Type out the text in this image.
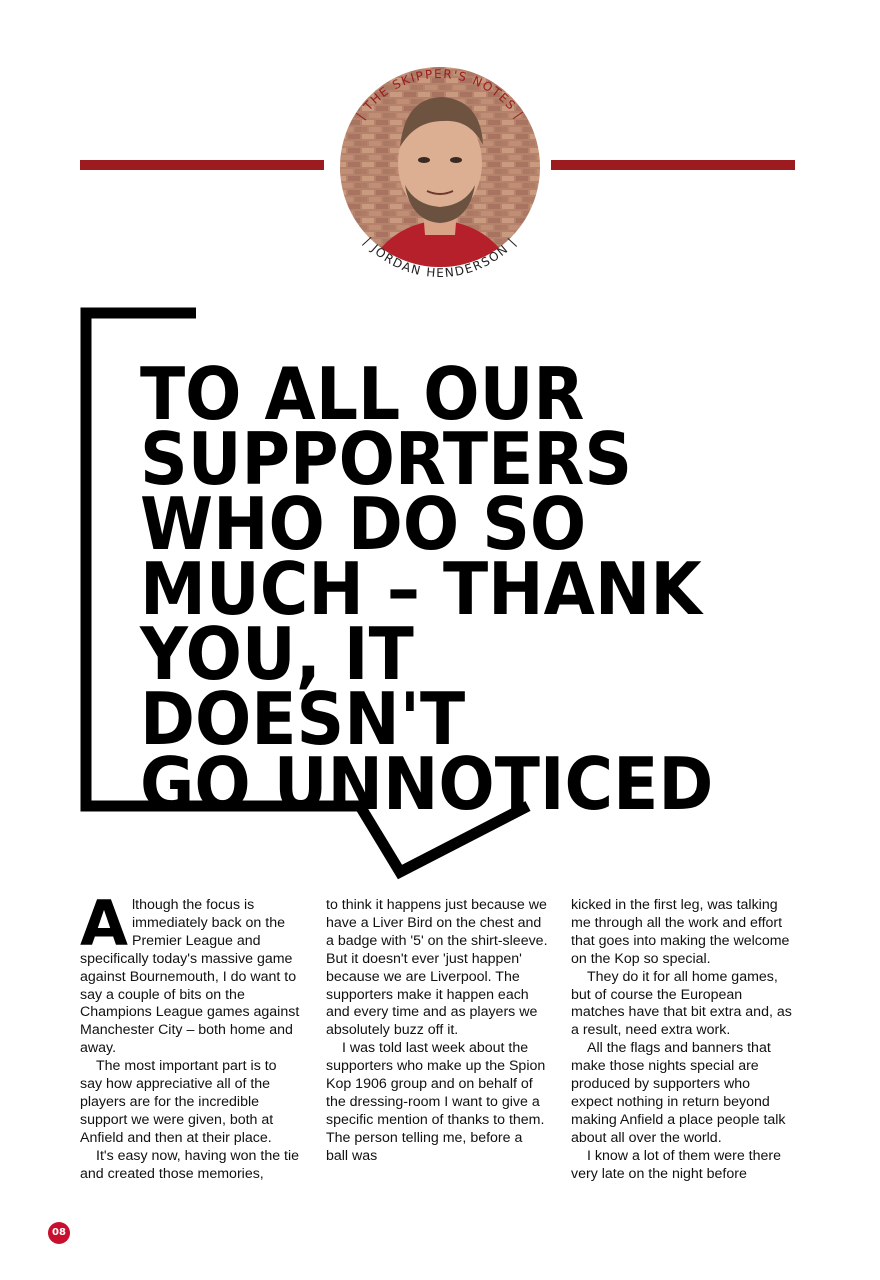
| THE SKIPPER'S NOTES |
| JORDAN HENDERSON |
TO ALL OUR
SUPPORTERS
WHO DO SO
MUCH – THANK
YOU, IT DOESN'T
GO UNNOTICED

Although the focus is immediately back on the Premier League and specifically today's massive game against Bournemouth, I do want to say a couple of bits on the Champions League games against Manchester City – both home and away.

The most important part is to say how appreciative all of the players are for the incredible support we were given, both at Anfield and then at their place.

It's easy now, having won the tie and created those memories,

to think it happens just because we have a Liver Bird on the chest and a badge with '5' on the shirt-sleeve. But it doesn't ever 'just happen' because we are Liverpool. The supporters make it happen each and every time and as players we absolutely buzz off it.

I was told last week about the supporters who make up the Spion Kop 1906 group and on behalf of the dressing-room I want to give a specific mention of thanks to them. The person telling me, before a ball was

kicked in the first leg, was talking me through all the work and effort that goes into making the welcome on the Kop so special.

They do it for all home games, but of course the European matches have that bit extra and, as a result, need extra work.

All the flags and banners that make those nights special are produced by supporters who expect nothing in return beyond making Anfield a place people talk about all over the world.

I know a lot of them were there very late on the night before

08
